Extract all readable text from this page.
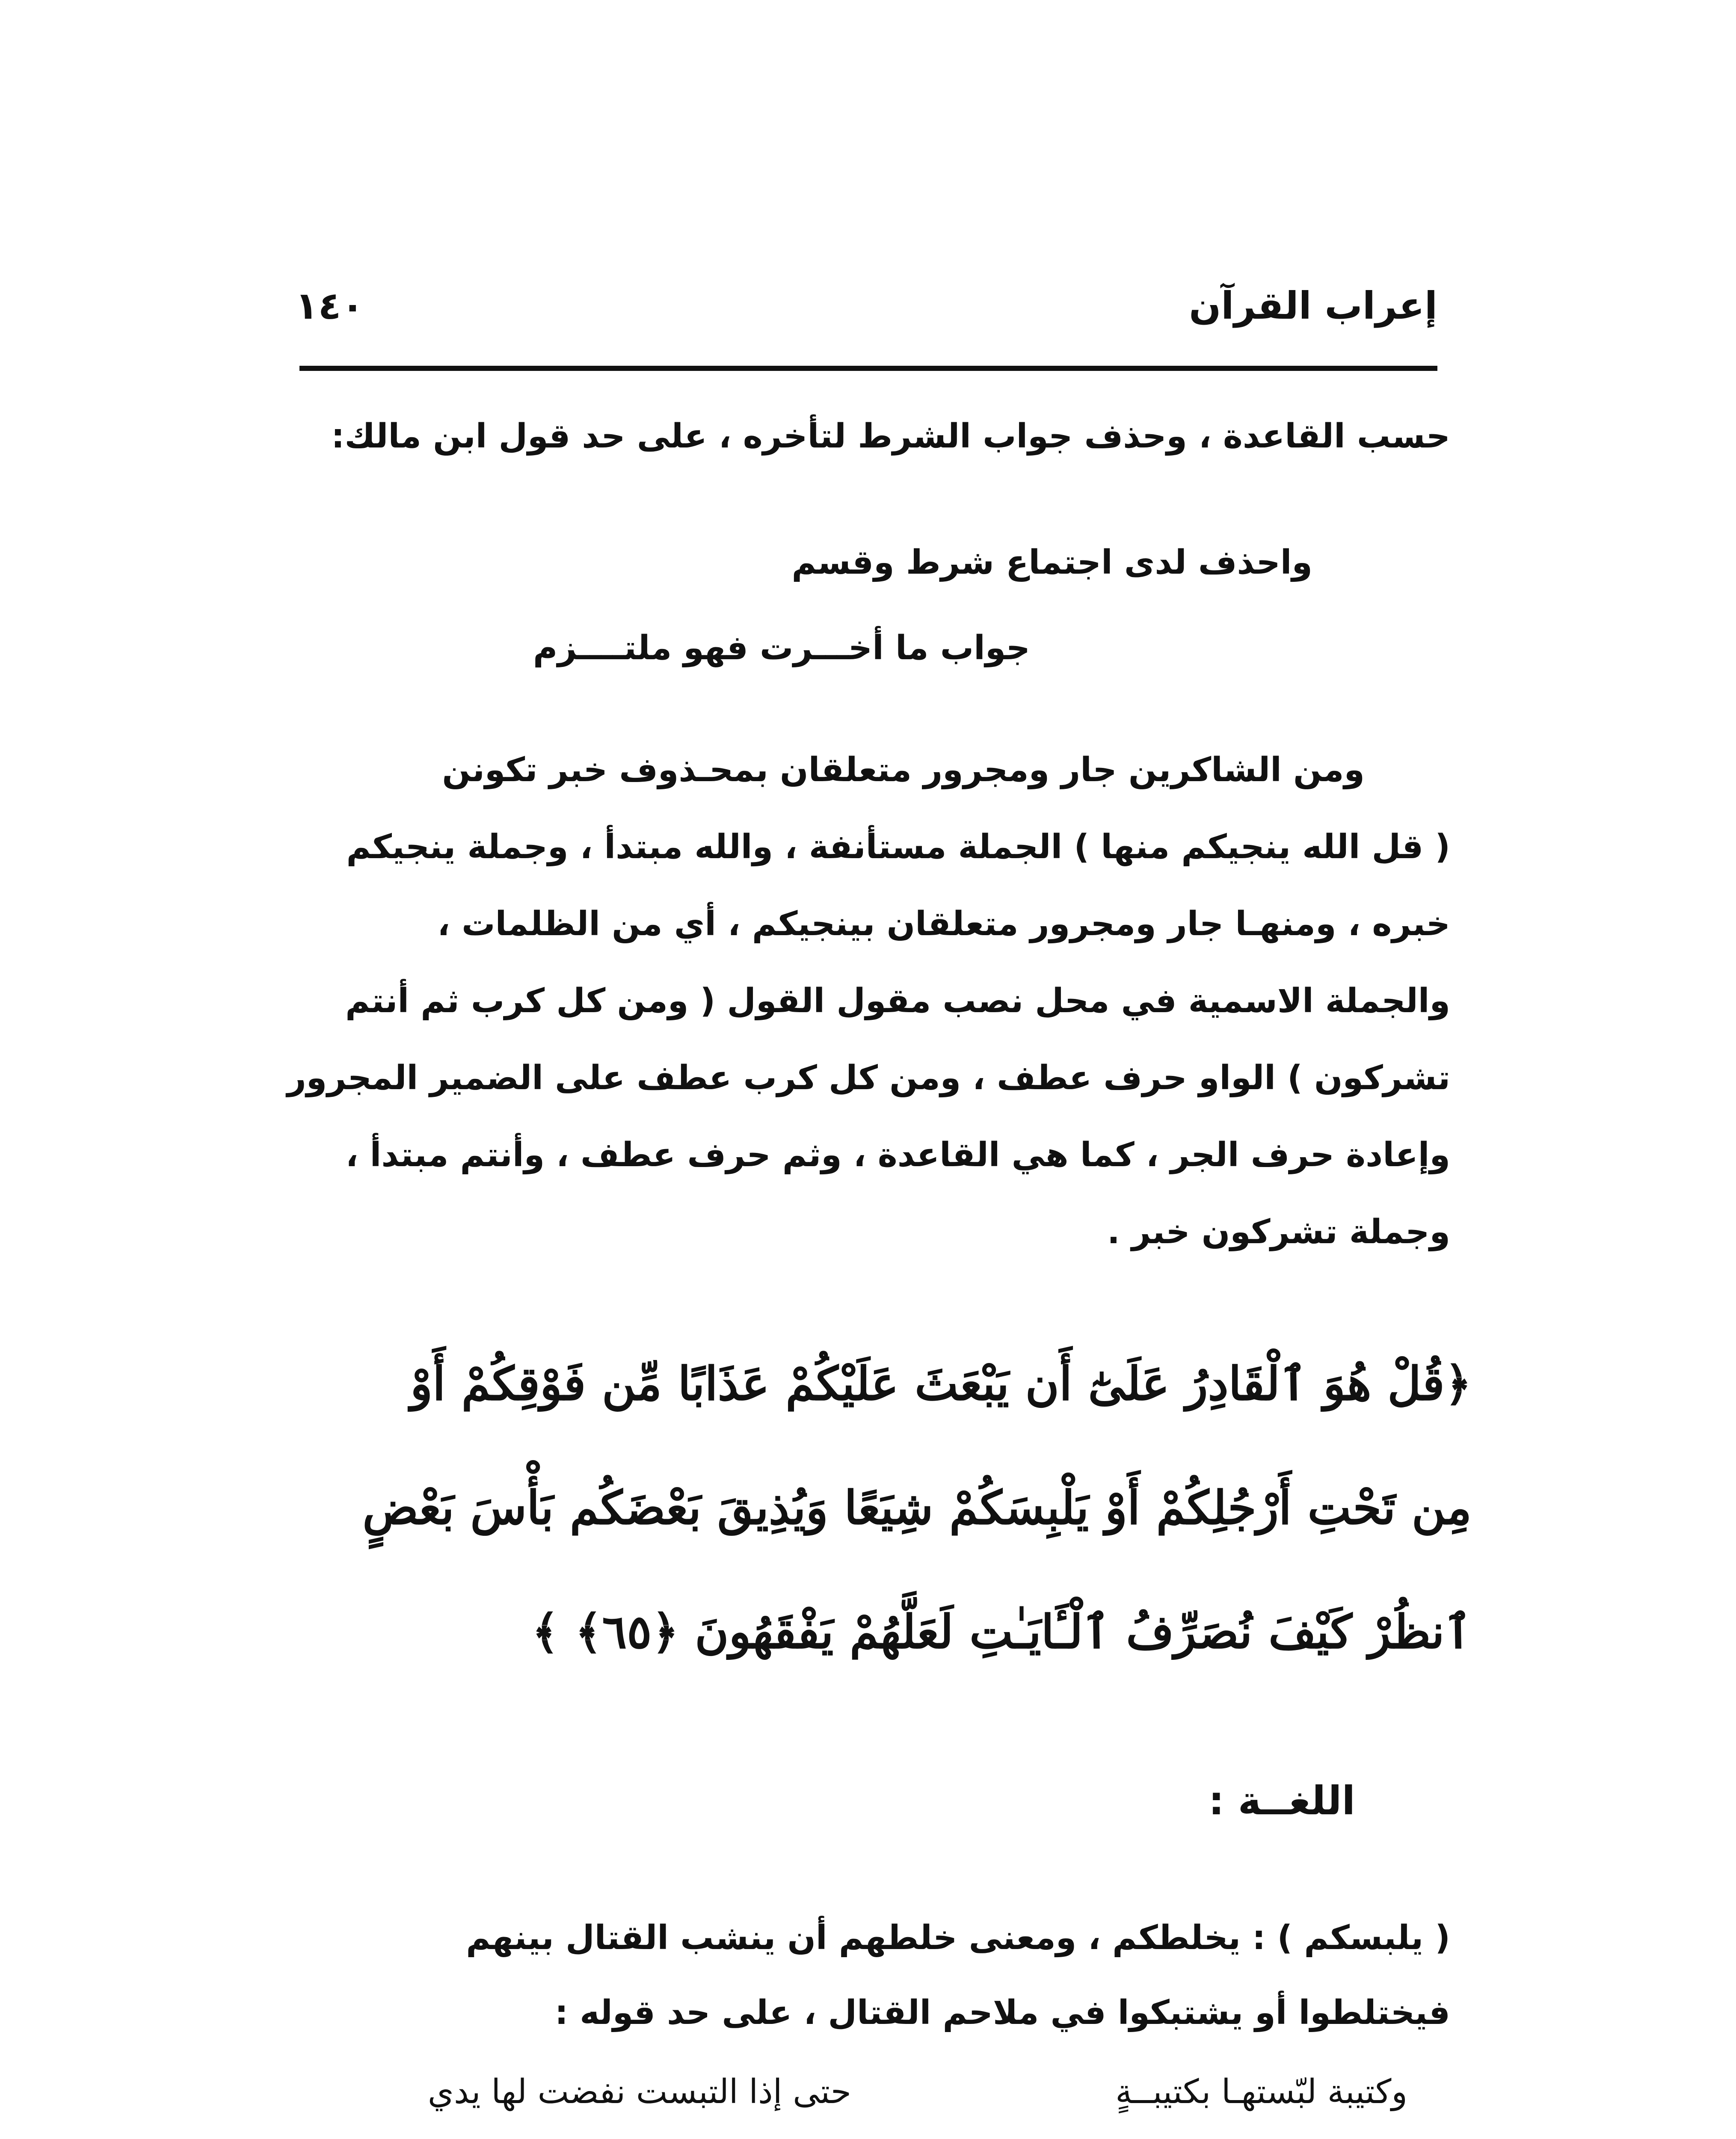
إعراب القرآن
١٤٠
حسب القاعدة ، وحذف جواب الشرط لتأخره ، على حد قول ابن مالك:
واحذف لدى اجتماع شرط وقسم
جواب ما أخـــرت فهو ملتــــزم
ومن الشاكرين جار ومجرور متعلقان بمحـذوف خبر تكونن
( قل الله ينجيكم منها ) الجملة مستأنفة ، والله مبتدأ ، وجملة ينجيكم
خبره ، ومنهـا جار ومجرور متعلقان بينجيكم ، أي من الظلمات ،
والجملة الاسمية في محل نصب مقول القول ( ومن كل كرب ثم أنتم
تشركون ) الواو حرف عطف ، ومن كل كرب عطف على الضمير المجرور
وإعادة حرف الجر ، كما هي القاعدة ، وثم حرف عطف ، وأنتم مبتدأ ،
وجملة تشركون خبر .
﴿قُلْ هُوَ ٱلْقَادِرُ عَلَىٰٓ أَن يَبْعَثَ عَلَيْكُمْ عَذَابًا مِّن فَوْقِكُمْ أَوْ
مِن تَحْتِ أَرْجُلِكُمْ أَوْ يَلْبِسَكُمْ شِيَعًا وَيُذِيقَ بَعْضَكُم بَأْسَ بَعْضٍ
ٱنظُرْ كَيْفَ نُصَرِّفُ ٱلْـَٔايَـٰتِ لَعَلَّهُمْ يَفْقَهُونَ ﴿٦٥﴾ ﴾
اللغــة :
( يلبسكم ) : يخلطكم ، ومعنى خلطهم أن ينشب القتال بينهم
فيختلطوا أو يشتبكوا في ملاحم القتال ، على حد قوله :
وكتيبة لبّستهـا بكتيبــةٍ
حتى إذا التبست نفضت لها يدي
